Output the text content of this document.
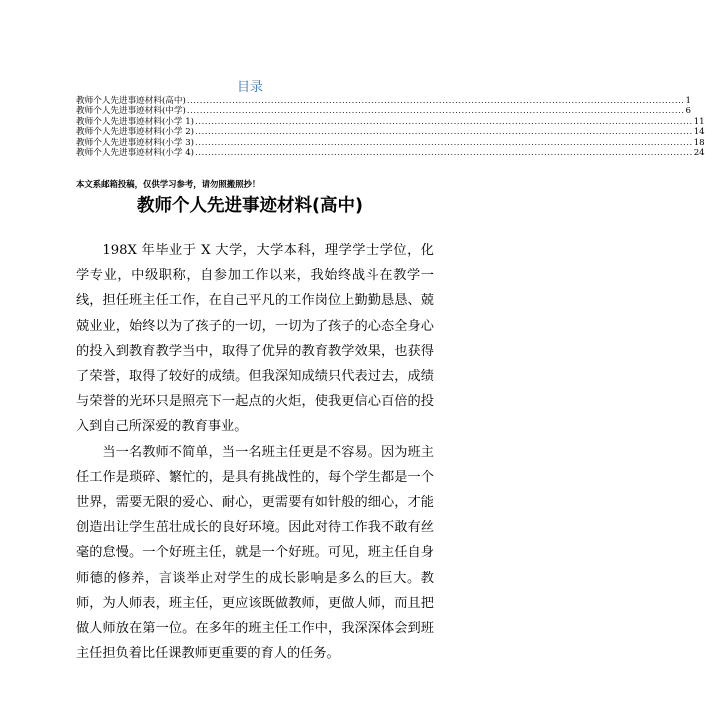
目录
教师个人先进事迹材料(高中) .......................................................................................................................................................... 1
教师个人先进事迹材料(中学) .......................................................................................................................................................... 6
教师个人先进事迹材料(小学 1) .......................................................................................................................................................... 11
教师个人先进事迹材料(小学 2) .......................................................................................................................................................... 14
教师个人先进事迹材料(小学 3) .......................................................................................................................................................... 18
教师个人先进事迹材料(小学 4) .......................................................................................................................................................... 24
本文系邮箱投稿，仅供学习参考，请勿照搬照抄！
教师个人先进事迹材料(高中)

198X 年毕业于 X 大学，大学本科，理学学士学位，化学专业，中级职称，自参加工作以来，我始终战斗在教学一线，担任班主任工作，在自己平凡的工作岗位上勤勤恳恳、兢兢业业，始终以为了孩子的一切，一切为了孩子的心态全身心的投入到教育教学当中，取得了优异的教育教学效果，也获得了荣誉，取得了较好的成绩。但我深知成绩只代表过去，成绩与荣誉的光环只是照亮下一起点的火炬，使我更信心百倍的投入到自己所深爱的教育事业。

当一名教师不简单，当一名班主任更是不容易。因为班主任工作是琐碎、繁忙的，是具有挑战性的，每个学生都是一个世界，需要无限的爱心、耐心，更需要有如针般的细心，才能创造出让学生茁壮成长的良好环境。因此对待工作我不敢有丝毫的怠慢。一个好班主任，就是一个好班。可见，班主任自身师德的修养，言谈举止对学生的成长影响是多么的巨大。教师，为人师表，班主任，更应该既做教师，更做人师，而且把做人师放在第一位。在多年的班主任工作中，我深深体会到班主任担负着比任课教师更重要的育人的任务。
